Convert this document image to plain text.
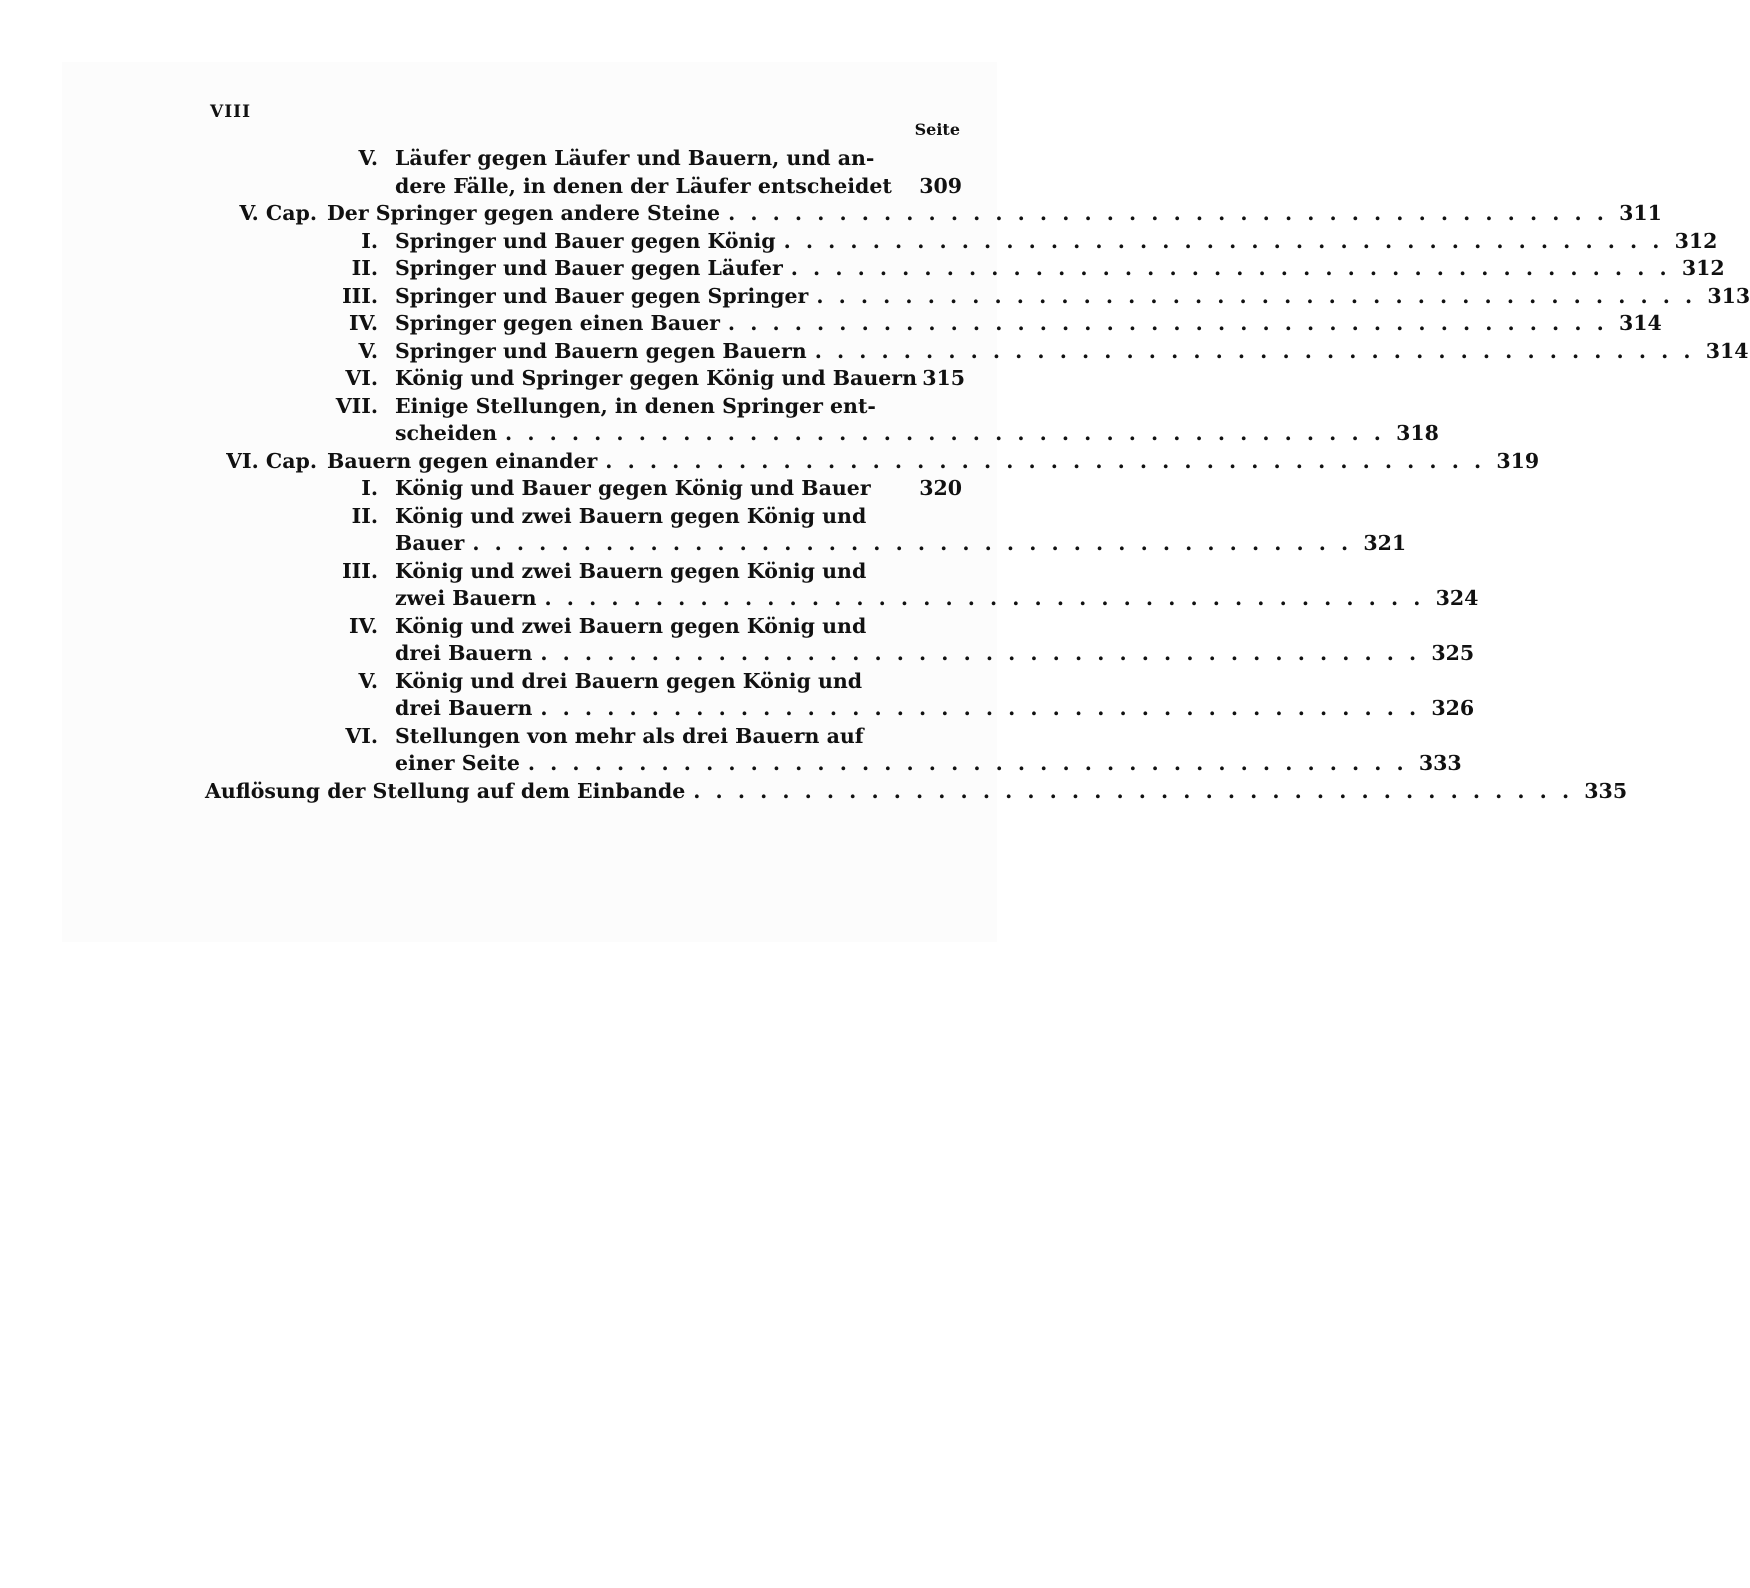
VIII
Seite
V. Läufer gegen Läufer und Bauern, und an-
dere Fälle, in denen der Läufer entscheidet 309
V. Cap. Der Springer gegen andere Steine . . . . . . . . . . . . . . . . . . . . . . . . . . . . . . . . . . . . . . . . 311
I. Springer und Bauer gegen König . . . . . . . . . . . . . . . . . . . . . . . . . . . . . . . . . . . . . . . . 312
II. Springer und Bauer gegen Läufer . . . . . . . . . . . . . . . . . . . . . . . . . . . . . . . . . . . . . . . . 312
III. Springer und Bauer gegen Springer . . . . . . . . . . . . . . . . . . . . . . . . . . . . . . . . . . . . . . . . 313
IV. Springer gegen einen Bauer . . . . . . . . . . . . . . . . . . . . . . . . . . . . . . . . . . . . . . . . 314
V. Springer und Bauern gegen Bauern . . . . . . . . . . . . . . . . . . . . . . . . . . . . . . . . . . . . . . . . 314
VI. König und Springer gegen König und Bauern 315
VII. Einige Stellungen, in denen Springer ent-
scheiden . . . . . . . . . . . . . . . . . . . . . . . . . . . . . . . . . . . . . . . . 318
VI. Cap. Bauern gegen einander . . . . . . . . . . . . . . . . . . . . . . . . . . . . . . . . . . . . . . . . 319
I. König und Bauer gegen König und Bauer 320
II. König und zwei Bauern gegen König und
Bauer . . . . . . . . . . . . . . . . . . . . . . . . . . . . . . . . . . . . . . . . 321
III. König und zwei Bauern gegen König und
zwei Bauern . . . . . . . . . . . . . . . . . . . . . . . . . . . . . . . . . . . . . . . . 324
IV. König und zwei Bauern gegen König und
drei Bauern . . . . . . . . . . . . . . . . . . . . . . . . . . . . . . . . . . . . . . . . 325
V. König und drei Bauern gegen König und
drei Bauern . . . . . . . . . . . . . . . . . . . . . . . . . . . . . . . . . . . . . . . . 326
VI. Stellungen von mehr als drei Bauern auf
einer Seite . . . . . . . . . . . . . . . . . . . . . . . . . . . . . . . . . . . . . . . . 333
Auflösung der Stellung auf dem Einbande . . . . . . . . . . . . . . . . . . . . . . . . . . . . . . . . . . . . . . . . 335
